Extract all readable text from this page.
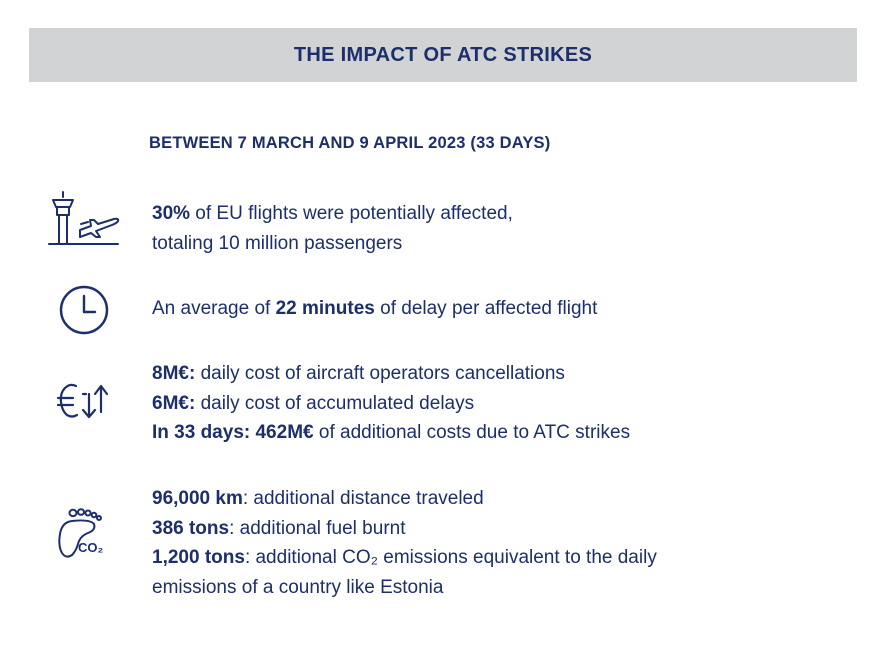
THE IMPACT OF ATC STRIKES
BETWEEN 7 MARCH AND 9 APRIL 2023 (33 DAYS)
30% of EU flights were potentially affected,
totaling 10 million passengers
An average of 22 minutes of delay per affected flight
8M€: daily cost of aircraft operators cancellations
6M€: daily cost of accumulated delays
In 33 days: 462M€ of additional costs due to ATC strikes
CO₂
96,000 km: additional distance traveled
386 tons: additional fuel burnt
1,200 tons: additional CO₂ emissions equivalent to the daily
emissions of a country like Estonia
